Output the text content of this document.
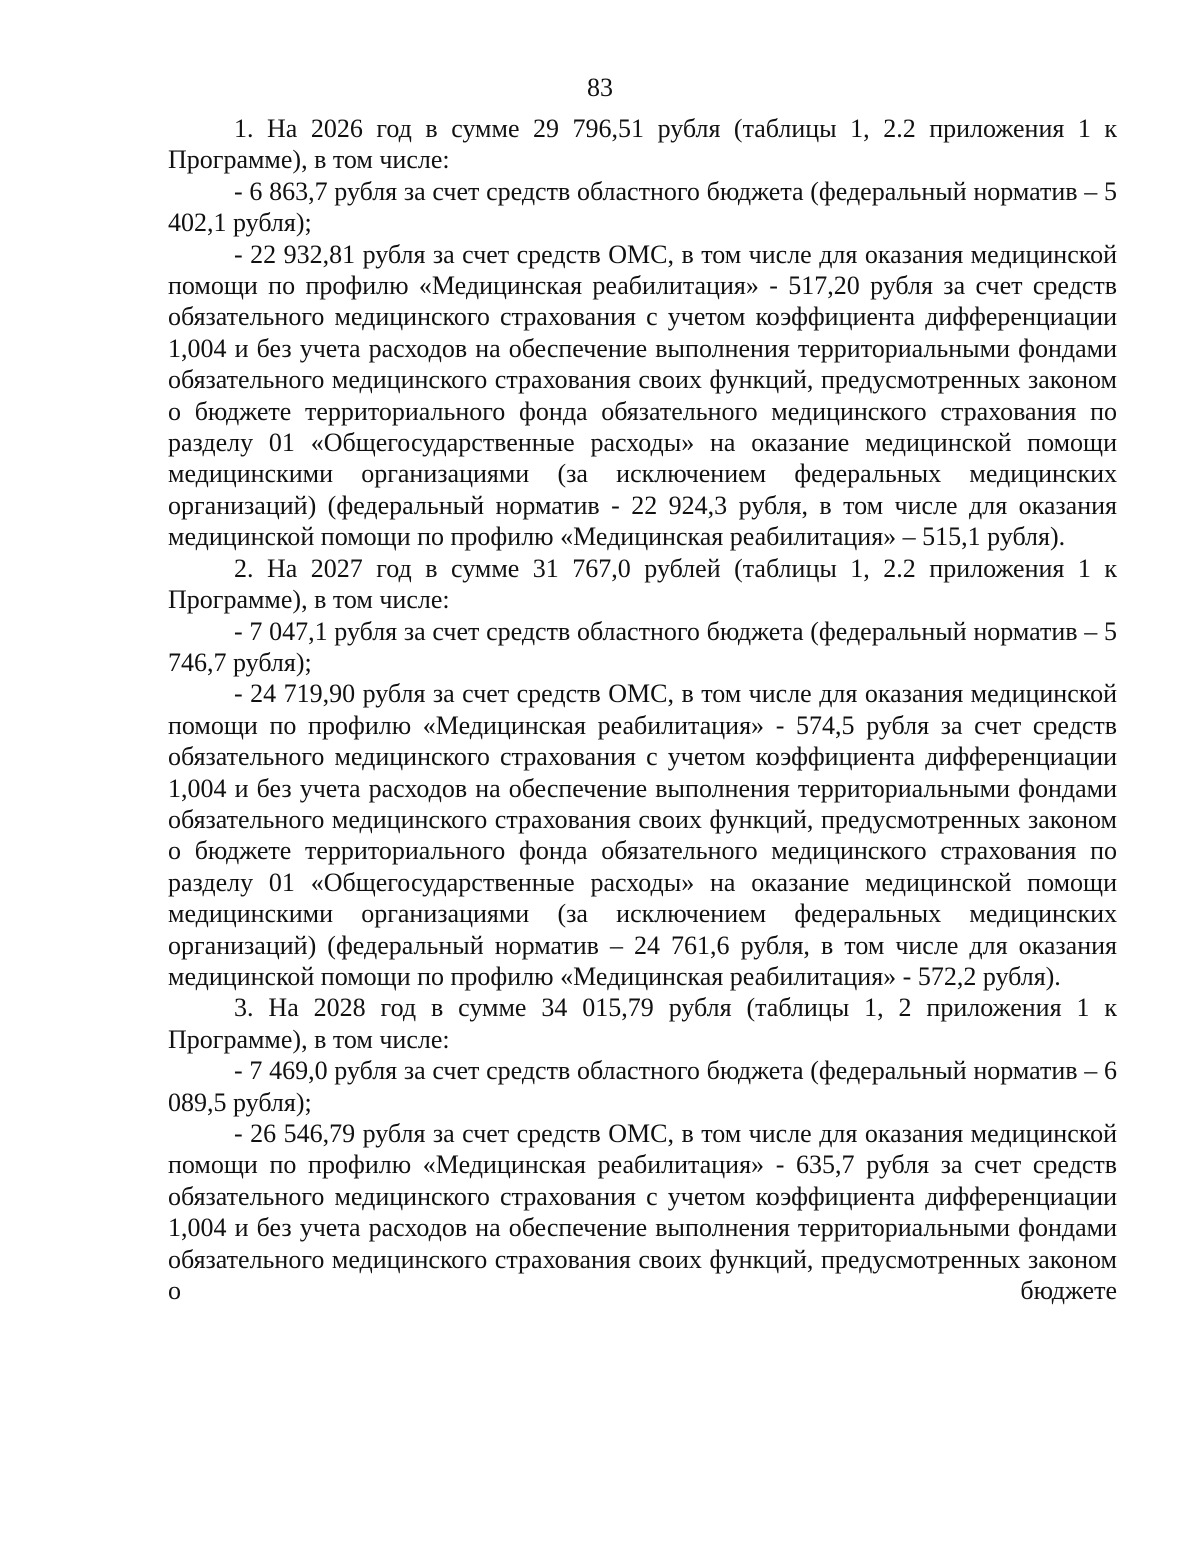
83

1. На 2026 год в сумме 29 796,51 рубля (таблицы 1, 2.2 приложения 1 к Программе), в том числе:

- 6 863,7 рубля за счет средств областного бюджета (федеральный норматив – 5 402,1 рубля);

- 22 932,81 рубля за счет средств ОМС, в том числе для оказания медицинской помощи по профилю «Медицинская реабилитация» - 517,20 рубля за счет средств обязательного медицинского страхования с учетом коэффициента дифференциации 1,004 и без учета расходов на обеспечение выполнения территориальными фондами обязательного медицинского страхования своих функций, предусмотренных законом о бюджете территориального фонда обязательного медицинского страхования по разделу 01 «Общегосударственные расходы» на оказание медицинской помощи медицинскими организациями (за исключением федеральных медицинских организаций) (федеральный норматив - 22 924,3 рубля, в том числе для оказания медицинской помощи по профилю «Медицинская реабилитация» – 515,1 рубля).

2. На 2027 год в сумме 31 767,0 рублей (таблицы 1, 2.2 приложения 1 к Программе), в том числе:

- 7 047,1 рубля за счет средств областного бюджета (федеральный норматив – 5 746,7 рубля);

- 24 719,90 рубля за счет средств ОМС, в том числе для оказания медицинской помощи по профилю «Медицинская реабилитация» - 574,5 рубля за счет средств обязательного медицинского страхования с учетом коэффициента дифференциации 1,004 и без учета расходов на обеспечение выполнения территориальными фондами обязательного медицинского страхования своих функций, предусмотренных законом о бюджете территориального фонда обязательного медицинского страхования по разделу 01 «Общегосударственные расходы» на оказание медицинской помощи медицинскими организациями (за исключением федеральных медицинских организаций) (федеральный норматив – 24 761,6 рубля, в том числе для оказания медицинской помощи по профилю «Медицинская реабилитация» - 572,2 рубля).

3. На 2028 год в сумме 34 015,79 рубля (таблицы 1, 2 приложения 1 к Программе), в том числе:

- 7 469,0 рубля за счет средств областного бюджета (федеральный норматив – 6 089,5 рубля);

- 26 546,79 рубля за счет средств ОМС, в том числе для оказания медицинской помощи по профилю «Медицинская реабилитация» - 635,7 рубля за счет средств обязательного медицинского страхования с учетом коэффициента дифференциации 1,004 и без учета расходов на обеспечение выполнения территориальными фондами обязательного медицинского страхования своих функций, предусмотренных законом о бюджете
